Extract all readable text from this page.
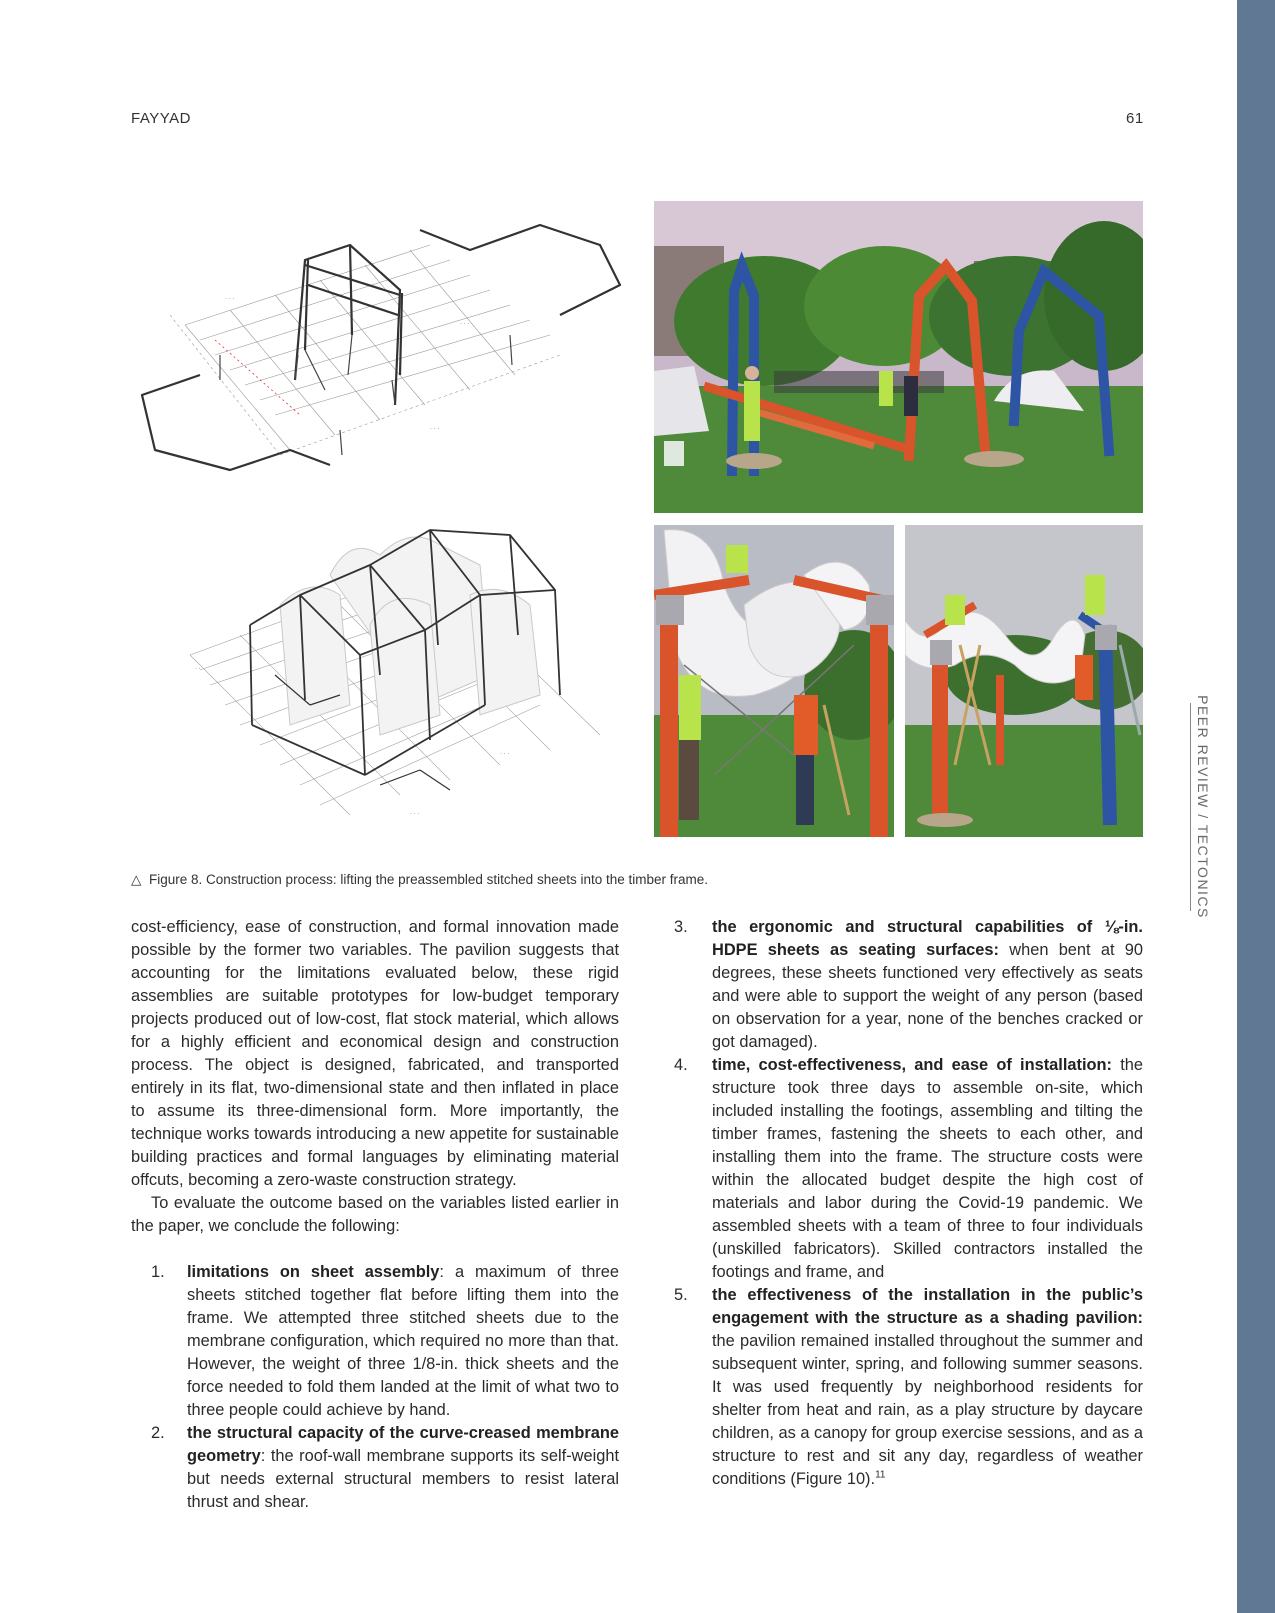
PEER REVIEW / TECTONICS
FAYYAD	61
· · ·
· · ·
· · ·
· ·
· · ·
· · ·
△ Figure 8. Construction process: lifting the preassembled stitched sheets into the timber frame.

cost-efficiency, ease of construction, and formal innovation made possible by the former two variables. The pavilion suggests that accounting for the limitations evaluated below, these rigid assemblies are suitable prototypes for low-budget temporary projects produced out of low-cost, flat stock material, which allows for a highly efficient and economical design and construction process. The object is designed, fabricated, and transported entirely in its flat, two-dimensional state and then inflated in place to assume its three-dimensional form. More importantly, the technique works towards introducing a new appetite for sustainable building practices and formal languages by eliminating material offcuts, becoming a zero-waste construction strategy.

To evaluate the outcome based on the variables listed earlier in the paper, we conclude the following:

1. limitations on sheet assembly: a maximum of three sheets stitched together flat before lifting them into the frame. We attempted three stitched sheets due to the membrane configuration, which required no more than that. However, the weight of three 1/8-in. thick sheets and the force needed to fold them landed at the limit of what two to three people could achieve by hand.
2. the structural capacity of the curve-creased membrane geometry: the roof-wall membrane supports its self-weight but needs external structural members to resist lateral thrust and shear.
3. the ergonomic and structural capabilities of ⅛-in. HDPE sheets as seating surfaces: when bent at 90 degrees, these sheets functioned very effectively as seats and were able to support the weight of any person (based on observation for a year, none of the benches cracked or got damaged).
4. time, cost-effectiveness, and ease of installation: the structure took three days to assemble on-site, which included installing the footings, assembling and tilting the timber frames, fastening the sheets to each other, and installing them into the frame. The structure costs were within the allocated budget despite the high cost of materials and labor during the Covid-19 pandemic. We assembled sheets with a team of three to four individuals (unskilled fabricators). Skilled contractors installed the footings and frame, and
5. the effectiveness of the installation in the public’s engagement with the structure as a shading pavilion: the pavilion remained installed throughout the summer and subsequent winter, spring, and following summer seasons. It was used frequently by neighborhood residents for shelter from heat and rain, as a play structure by daycare children, as a canopy for group exercise sessions, and as a structure to rest and sit any day, regardless of weather conditions (Figure 10).$^{11}$
